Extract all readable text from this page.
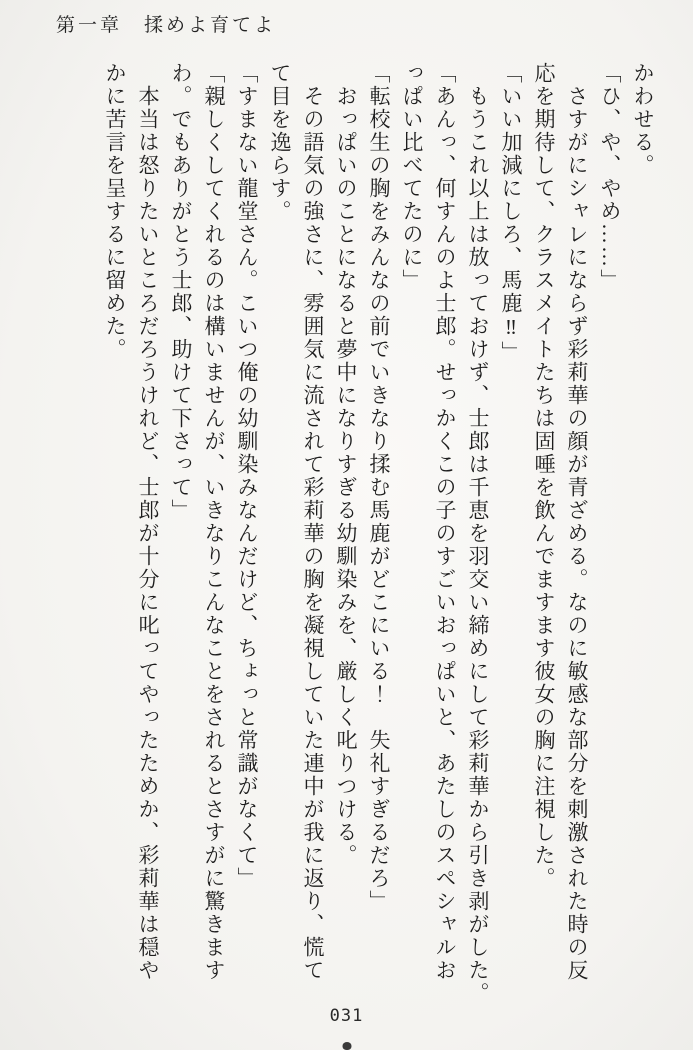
第一章　揉めよ育てよ

かわせる。

「ひ、や、やめ……」

　さすがにシャレにならず彩莉華の顔が青ざめる。なのに敏感な部分を刺激された時の反

応を期待して、クラスメイトたちは固唾を飲んでますます彼女の胸に注視した。

「いい加減にしろ、馬鹿‼」

　もうこれ以上は放っておけず、士郎は千恵を羽交い締めにして彩莉華から引き剥がした。

「あんっ、何すんのよ士郎。せっかくこの子のすごいおっぱいと、あたしのスペシャルお

っぱい比べてたのに」

「転校生の胸をみんなの前でいきなり揉む馬鹿がどこにいる！　失礼すぎるだろ」

　おっぱいのことになると夢中になりすぎる幼馴染みを、厳しく叱りつける。

　その語気の強さに、雰囲気に流されて彩莉華の胸を凝視していた連中が我に返り、慌て

て目を逸らす。

「すまない龍堂さん。こいつ俺の幼馴染みなんだけど、ちょっと常識がなくて」

「親しくしてくれるのは構いませんが、いきなりこんなことをされるとさすがに驚きます

わ。でもありがとう士郎、助けて下さって」

　本当は怒りたいところだろうけれど、士郎が十分に叱ってやったためか、彩莉華は穏や

かに苦言を呈するに留めた。

031
